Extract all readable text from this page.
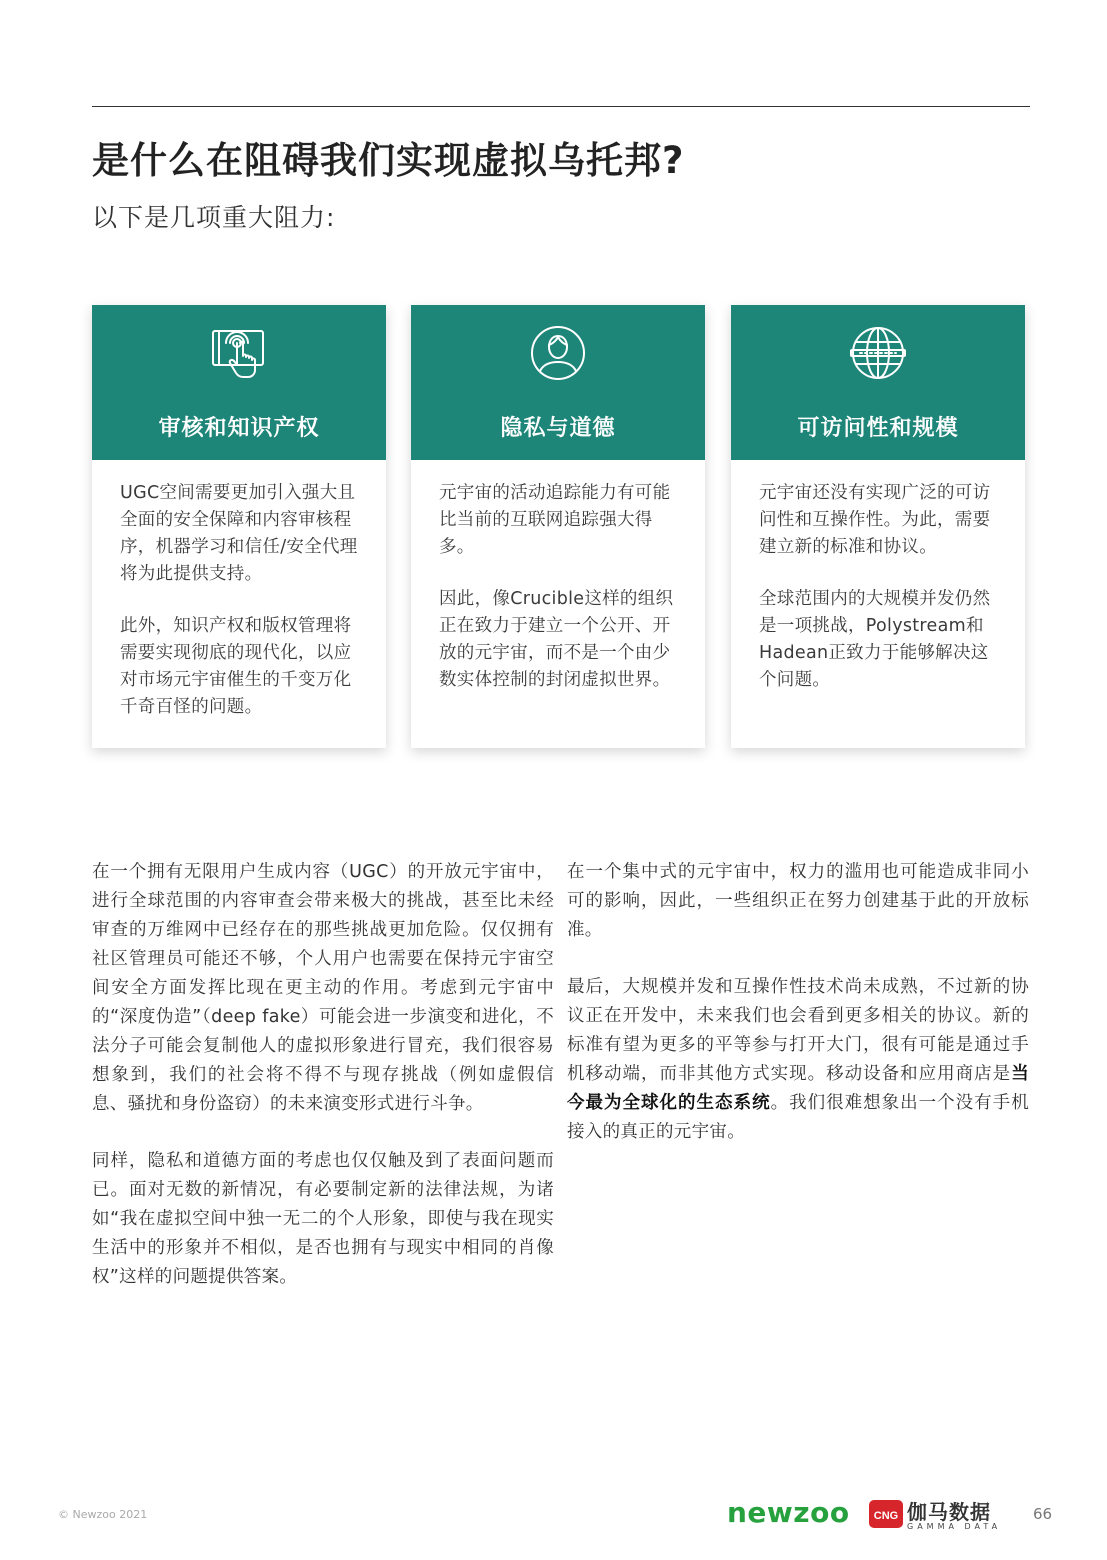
是什么在阻碍我们实现虚拟乌托邦?
以下是几项重大阻力:
审核和知识产权

UGC空间需要更加引入强大且全面的安全保障和内容审核程序，机器学习和信任/安全代理将为此提供支持。

此外，知识产权和版权管理将需要实现彻底的现代化，以应对市场元宇宙催生的千变万化千奇百怪的问题。

隐私与道德

元宇宙的活动追踪能力有可能比当前的互联网追踪强大得多。

因此，像Crucible这样的组织正在致力于建立一个公开、开放的元宇宙，而不是一个由少数实体控制的封闭虚拟世界。

可访问性和规模

元宇宙还没有实现广泛的可访问性和互操作性。为此，需要建立新的标准和协议。

全球范围内的大规模并发仍然是一项挑战，Polystream和Hadean正致力于能够解决这个问题。

在一个拥有无限用户生成内容（UGC）的开放元宇宙中，进行全球范围的内容审查会带来极大的挑战，甚至比未经审查的万维网中已经存在的那些挑战更加危险。仅仅拥有社区管理员可能还不够，个人用户也需要在保持元宇宙空间安全方面发挥比现在更主动的作用。考虑到元宇宙中的“深度伪造”（deep fake）可能会进一步演变和进化，不法分子可能会复制他人的虚拟形象进行冒充，我们很容易想象到，我们的社会将不得不与现存挑战（例如虚假信息、骚扰和身份盗窃）的未来演变形式进行斗争。

同样，隐私和道德方面的考虑也仅仅触及到了表面问题而已。面对无数的新情况，有必要制定新的法律法规，为诸如“我在虚拟空间中独一无二的个人形象，即使与我在现实生活中的形象并不相似，是否也拥有与现实中相同的肖像权”这样的问题提供答案。

在一个集中式的元宇宙中，权力的滥用也可能造成非同小可的影响，因此，一些组织正在努力创建基于此的开放标准。

最后，大规模并发和互操作性技术尚未成熟，不过新的协议正在开发中，未来我们也会看到更多相关的协议。新的标准有望为更多的平等参与打开大门，很有可能是通过手机移动端，而非其他方式实现。移动设备和应用商店是当今最为全球化的生态系统。我们很难想象出一个没有手机接入的真正的元宇宙。

© Newzoo 2021	newzoo CNG 伽马数据
GAMMA DATA
66
